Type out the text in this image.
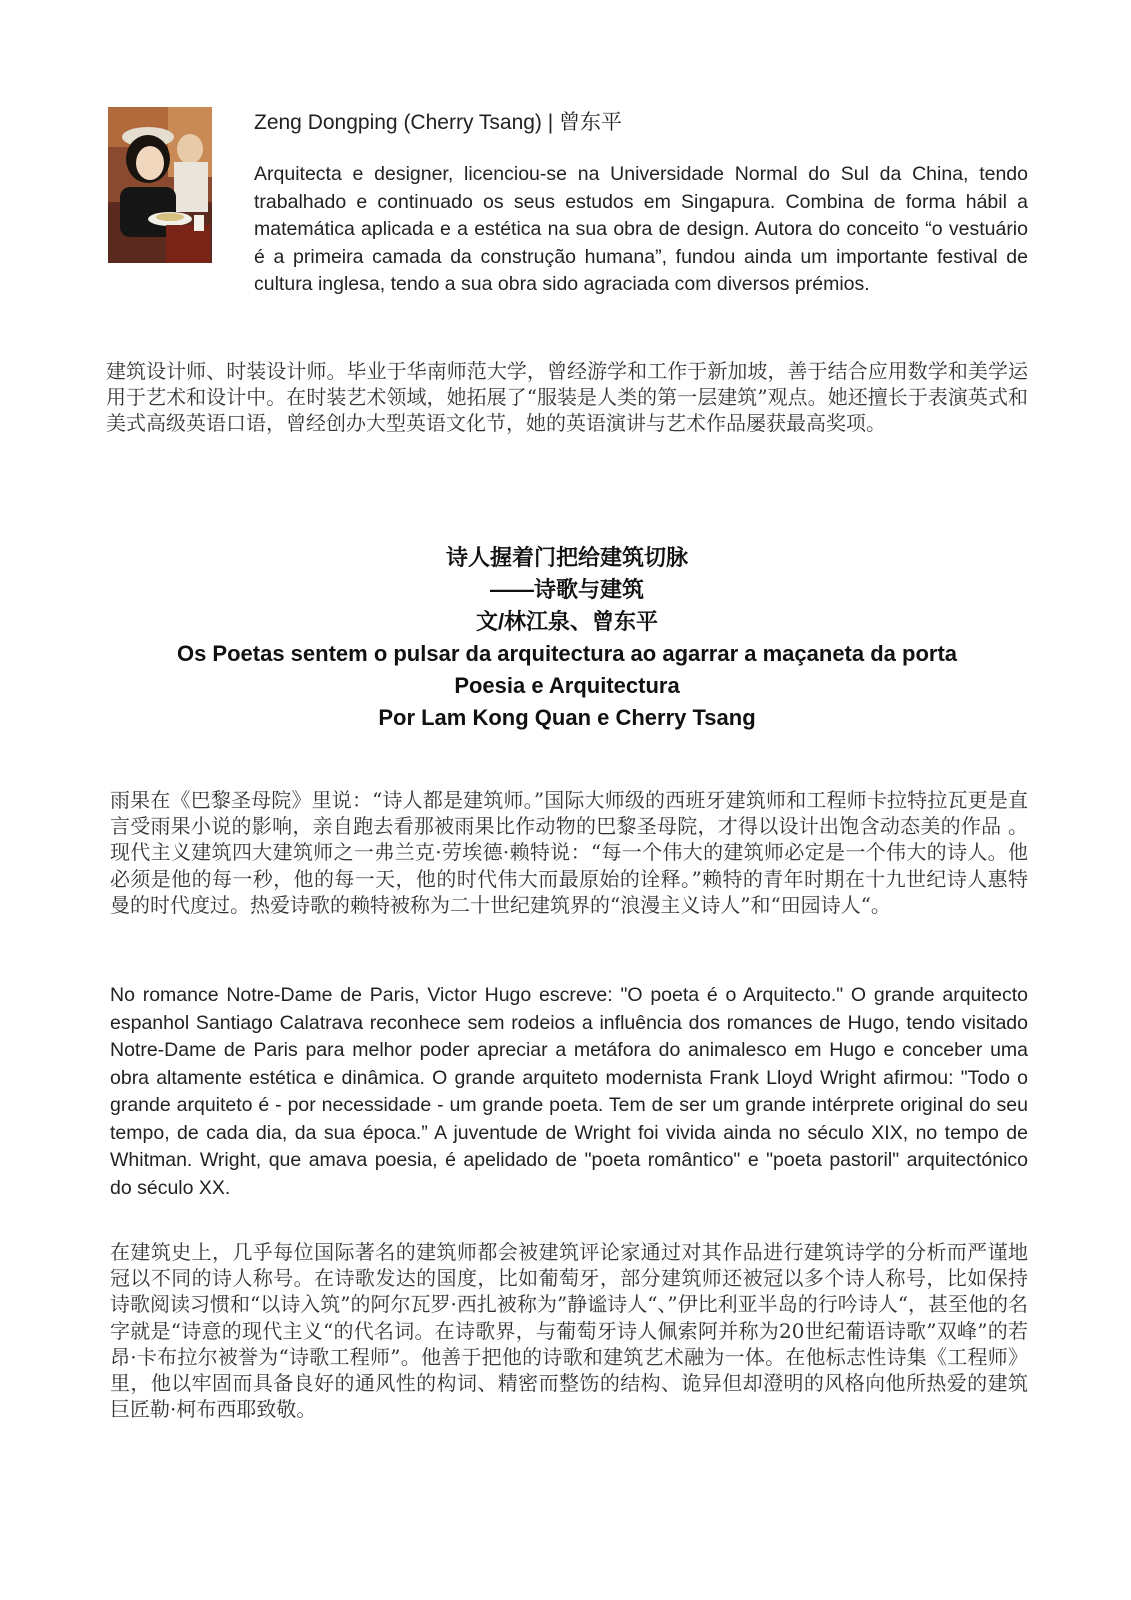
Zeng Dongping (Cherry Tsang) | 曾东平
Arquitecta e designer, licenciou-se na Universidade Normal do Sul da China, tendo trabalhado e continuado os seus estudos em Singapura. Combina de forma hábil a matemática aplicada e a estética na sua obra de design. Autora do conceito “o vestuário é a primeira camada da construção humana”, fundou ainda um importante festival de cultura inglesa, tendo a sua obra sido agraciada com diversos prémios.
建筑设计师、时装设计师。毕业于华南师范大学，曾经游学和工作于新加坡，善于结合应用数学和美学运用于艺术和设计中。在时装艺术领域，她拓展了“服装是人类的第一层建筑”观点。她还擅长于表演英式和美式高级英语口语，曾经创办大型英语文化节，她的英语演讲与艺术作品屡获最高奖项。
诗人握着门把给建筑切脉
——诗歌与建筑
文/林江泉、曾东平
Os Poetas sentem o pulsar da arquitectura ao agarrar a maçaneta da porta
Poesia e Arquitectura
Por Lam Kong Quan e Cherry Tsang
雨果在《巴黎圣母院》里说：“诗人都是建筑师。”国际大师级的西班牙建筑师和工程师卡拉特拉瓦更是直言受雨果小说的影响，亲自跑去看那被雨果比作动物的巴黎圣母院，才得以设计出饱含动态美的作品 。现代主义建筑四大建筑师之一弗兰克·劳埃德·赖特说：“每一个伟大的建筑师必定是一个伟大的诗人。他必须是他的每一秒，他的每一天，他的时代伟大而最原始的诠释。”赖特的青年时期在十九世纪诗人惠特曼的时代度过。热爱诗歌的赖特被称为二十世纪建筑界的“浪漫主义诗人”和“田园诗人“。
No romance Notre-Dame de Paris, Victor Hugo escreve: "O poeta é o Arquitecto." O grande arquitecto espanhol Santiago Calatrava reconhece sem rodeios a influência dos romances de Hugo, tendo visitado Notre-Dame de Paris para melhor poder apreciar a metáfora do animalesco em Hugo e conceber uma obra altamente estética e dinâmica. O grande arquiteto modernista Frank Lloyd Wright afirmou: "Todo o grande arquiteto é - por necessidade - um grande poeta. Tem de ser um grande intérprete original do seu tempo, de cada dia, da sua época.” A juventude de Wright foi vivida ainda no século XIX, no tempo de Whitman. Wright, que amava poesia, é apelidado de "poeta romântico" e "poeta pastoril" arquitectónico do século XX.
在建筑史上，几乎每位国际著名的建筑师都会被建筑评论家通过对其作品进行建筑诗学的分析而严谨地冠以不同的诗人称号。在诗歌发达的国度，比如葡萄牙，部分建筑师还被冠以多个诗人称号，比如保持诗歌阅读习惯和“以诗入筑”的阿尔瓦罗·西扎被称为”静谧诗人“、”伊比利亚半岛的行吟诗人“，甚至他的名字就是“诗意的现代主义“的代名词。在诗歌界，与葡萄牙诗人佩索阿并称为20世纪葡语诗歌”双峰”的若昂·卡布拉尔被誉为“诗歌工程师”。他善于把他的诗歌和建筑艺术融为一体。在他标志性诗集《工程师》里，他以牢固而具备良好的通风性的构词、精密而整饬的结构、诡异但却澄明的风格向他所热爱的建筑巨匠勒·柯布西耶致敬。
